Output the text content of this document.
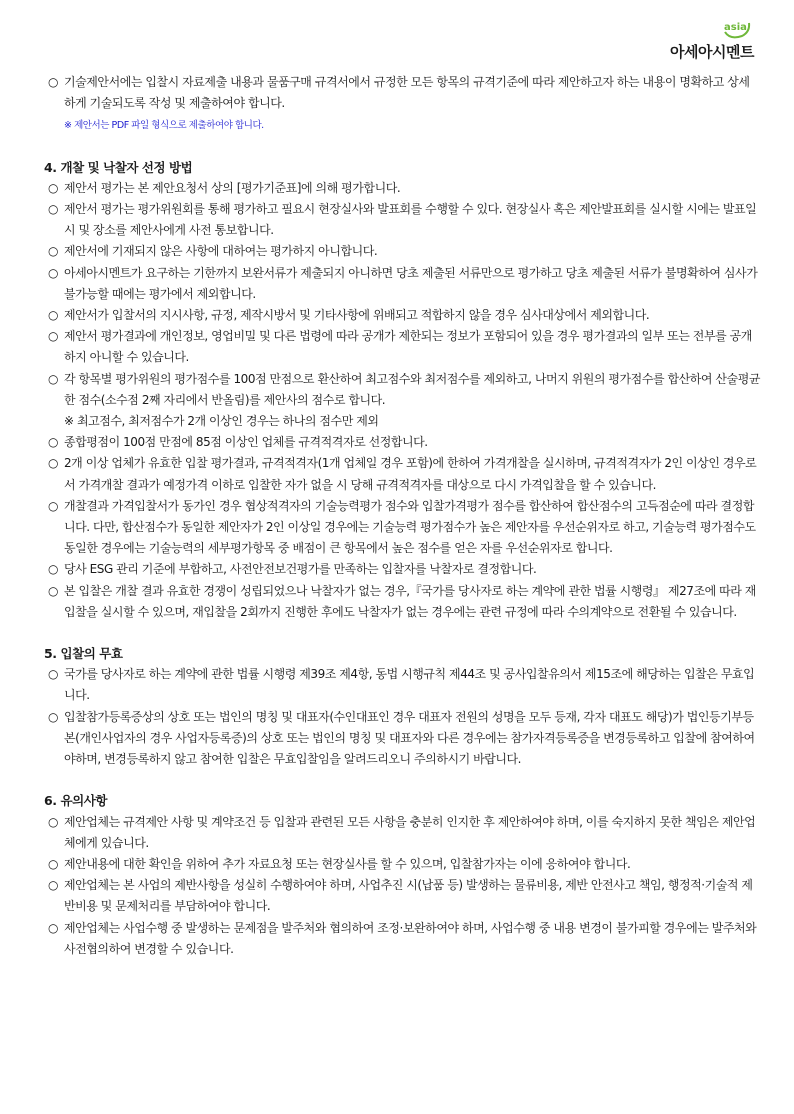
asia
아세아시멘트
○ 기술제안서에는 입찰시 자료제출 내용과 물품구매 규격서에서 규정한 모든 항목의 규격기준에 따라 제안하고자 하는 내용이 명확하고 상세하게 기술되도록 작성 및 제출하여야 합니다.
※ 제안서는 PDF 파일 형식으로 제출하여야 합니다.
4. 개찰 및 낙찰자 선정 방법
○ 제안서 평가는 본 제안요청서 상의 [평가기준표]에 의해 평가합니다.
○ 제안서 평가는 평가위원회를 통해 평가하고 필요시 현장실사와 발표회를 수행할 수 있다. 현장실사 혹은 제안발표회를 실시할 시에는 발표일시 및 장소를 제안사에게 사전 통보합니다.
○ 제안서에 기재되지 않은 사항에 대하여는 평가하지 아니합니다.
○ 아세아시멘트가 요구하는 기한까지 보완서류가 제출되지 아니하면 당초 제출된 서류만으로 평가하고 당초 제출된 서류가 불명확하여 심사가 불가능할 때에는 평가에서 제외합니다.
○ 제안서가 입찰서의 지시사항, 규정, 제작시방서 및 기타사항에 위배되고 적합하지 않을 경우 심사대상에서 제외합니다.
○ 제안서 평가결과에 개인정보, 영업비밀 및 다른 법령에 따라 공개가 제한되는 정보가 포함되어 있을 경우 평가결과의 일부 또는 전부를 공개하지 아니할 수 있습니다.
○ 각 항목별 평가위원의 평가점수를 100점 만점으로 환산하여 최고점수와 최저점수를 제외하고, 나머지 위원의 평가점수를 합산하여 산술평균한 점수(소수점 2째 자리에서 반올림)를 제안사의 점수로 합니다.
※ 최고점수, 최저점수가 2개 이상인 경우는 하나의 점수만 제외
○ 종합평점이 100점 만점에 85점 이상인 업체를 규격적격자로 선정합니다.
○ 2개 이상 업체가 유효한 입찰 평가결과, 규격적격자(1개 업체일 경우 포함)에 한하여 가격개찰을 실시하며, 규격적격자가 2인 이상인 경우로서 가격개찰 결과가 예정가격 이하로 입찰한 자가 없을 시 당해 규격적격자를 대상으로 다시 가격입찰을 할 수 있습니다.
○ 개찰결과 가격입찰서가 동가인 경우 협상적격자의 기술능력평가 점수와 입찰가격평가 점수를 합산하여 합산점수의 고득점순에 따라 결정합니다. 다만, 합산점수가 동일한 제안자가 2인 이상일 경우에는 기술능력 평가점수가 높은 제안자를 우선순위자로 하고, 기술능력 평가점수도 동일한 경우에는 기술능력의 세부평가항목 중 배점이 큰 항목에서 높은 점수를 얻은 자를 우선순위자로 합니다.
○ 당사 ESG 관리 기준에 부합하고, 사전안전보건평가를 만족하는 입찰자를 낙찰자로 결정합니다.
○ 본 입찰은 개찰 결과 유효한 경쟁이 성립되었으나 낙찰자가 없는 경우,『국가를 당사자로 하는 계약에 관한 법률 시행령』 제27조에 따라 재입찰을 실시할 수 있으며, 재입찰을 2회까지 진행한 후에도 낙찰자가 없는 경우에는 관련 규정에 따라 수의계약으로 전환될 수 있습니다.
5. 입찰의 무효
○ 국가를 당사자로 하는 계약에 관한 법률 시행령 제39조 제4항, 동법 시행규칙 제44조 및 공사입찰유의서 제15조에 해당하는 입찰은 무효입니다.
○ 입찰참가등록증상의 상호 또는 법인의 명칭 및 대표자(수인대표인 경우 대표자 전원의 성명을 모두 등재, 각자 대표도 해당)가 법인등기부등본(개인사업자의 경우 사업자등록증)의 상호 또는 법인의 명칭 및 대표자와 다른 경우에는 참가자격등록증을 변경등록하고 입찰에 참여하여야하며, 변경등록하지 않고 참여한 입찰은 무효입찰임을 알려드리오니 주의하시기 바랍니다.
6. 유의사항
○ 제안업체는 규격제안 사항 및 계약조건 등 입찰과 관련된 모든 사항을 충분히 인지한 후 제안하여야 하며, 이를 숙지하지 못한 책임은 제안업체에게 있습니다.
○ 제안내용에 대한 확인을 위하여 추가 자료요청 또는 현장실사를 할 수 있으며, 입찰참가자는 이에 응하여야 합니다.
○ 제안업체는 본 사업의 제반사항을 성실히 수행하여야 하며, 사업추진 시(납품 등) 발생하는 물류비용, 제반 안전사고 책임, 행정적·기술적 제반비용 및 문제처리를 부담하여야 합니다.
○ 제안업체는 사업수행 중 발생하는 문제점을 발주처와 협의하여 조정·보완하여야 하며, 사업수행 중 내용 변경이 불가피할 경우에는 발주처와 사전협의하여 변경할 수 있습니다.
